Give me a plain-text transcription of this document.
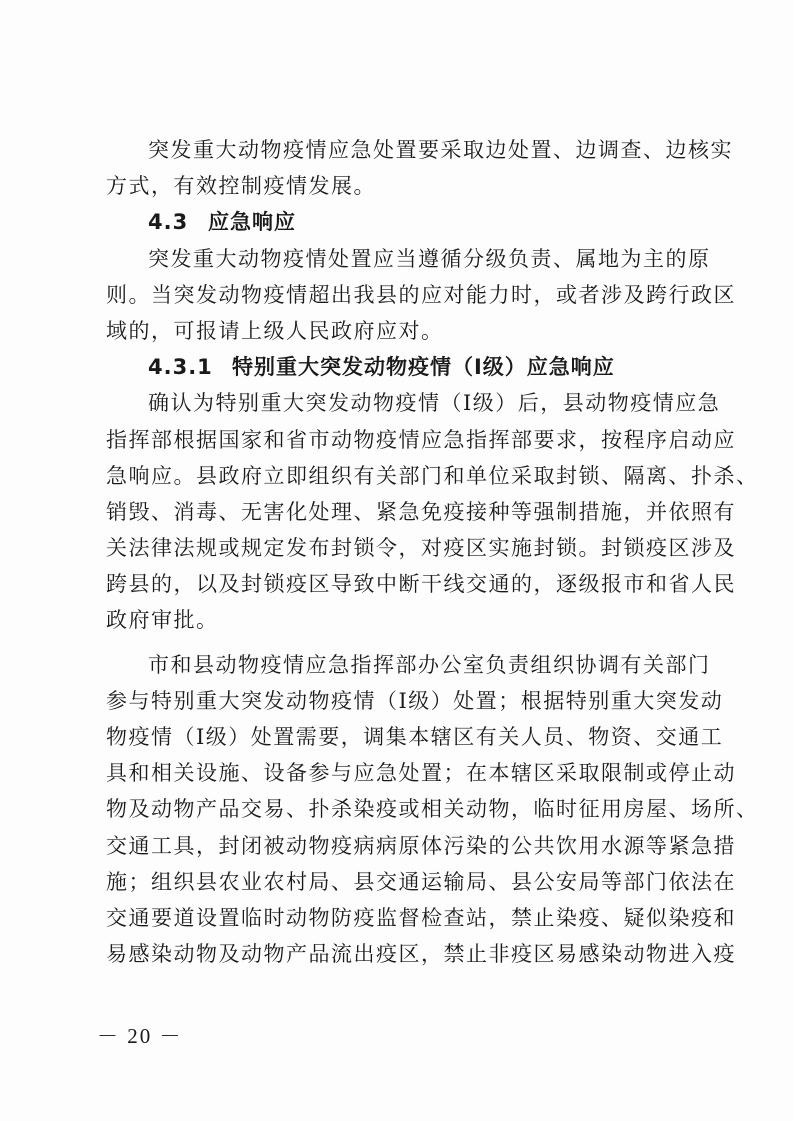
突发重大动物疫情应急处置要采取边处置、边调查、边核实
方式，有效控制疫情发展。
4.3 应急响应
突发重大动物疫情处置应当遵循分级负责、属地为主的原
则。当突发动物疫情超出我县的应对能力时，或者涉及跨行政区
域的，可报请上级人民政府应对。
4.3.1 特别重大突发动物疫情（Ⅰ级）应急响应
确认为特别重大突发动物疫情（Ⅰ级）后，县动物疫情应急
指挥部根据国家和省市动物疫情应急指挥部要求，按程序启动应
急响应。县政府立即组织有关部门和单位采取封锁、隔离、扑杀、
销毁、消毒、无害化处理、紧急免疫接种等强制措施，并依照有
关法律法规或规定发布封锁令，对疫区实施封锁。封锁疫区涉及
跨县的，以及封锁疫区导致中断干线交通的，逐级报市和省人民
政府审批。
市和县动物疫情应急指挥部办公室负责组织协调有关部门
参与特别重大突发动物疫情（Ⅰ级）处置；根据特别重大突发动
物疫情（Ⅰ级）处置需要，调集本辖区有关人员、物资、交通工
具和相关设施、设备参与应急处置；在本辖区采取限制或停止动
物及动物产品交易、扑杀染疫或相关动物，临时征用房屋、场所、
交通工具，封闭被动物疫病病原体污染的公共饮用水源等紧急措
施；组织县农业农村局、县交通运输局、县公安局等部门依法在
交通要道设置临时动物防疫监督检查站，禁止染疫、疑似染疫和
易感染动物及动物产品流出疫区，禁止非疫区易感染动物进入疫
－ 20 －
